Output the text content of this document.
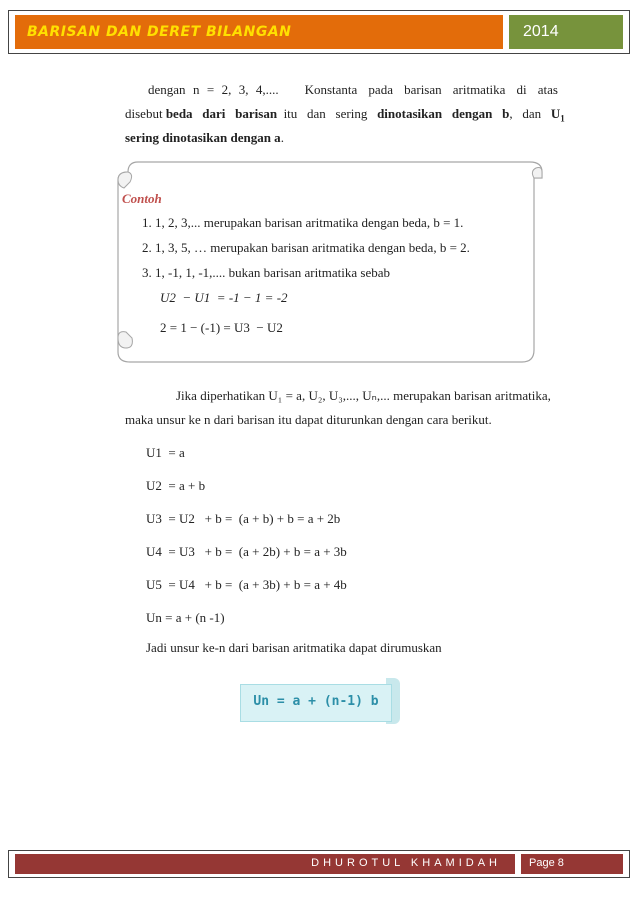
BARISAN DAN DERET BILANGAN	2014
dengan  n  =  2,  3,  4,....       Konstanta   pada   barisan   aritmatika   di   atas
disebut beda   dari   barisan  itu   dan   sering   dinotasikan   dengan   b,   dan   $U_1$
sering dinotasikan dengan a.
Contoh
1. 1, 2, 3,... merupakan barisan aritmatika dengan beda, b = 1.
2. 1, 3, 5, … merupakan barisan aritmatika dengan beda, b = 2.
3. 1, -1, 1, -1,.... bukan barisan aritmatika sebab
U2  − U1  = -1 − 1 = -2
2 = 1 − (-1) = U3  − U2
Jika diperhatikan U₁ = a, U₂, U₃,..., Uₙ,... merupakan barisan aritmatika,
maka unsur ke n dari barisan itu dapat diturunkan dengan cara berikut.
U1  = a
U2  = a + b
U3  = U2   + b =  (a + b) + b = a + 2b
U4  = U3   + b =  (a + 2b) + b = a + 3b
U5  = U4   + b =  (a + 3b) + b = a + 4b
Un = a + (n -1)
Jadi unsur ke-n dari barisan aritmatika dapat dirumuskan
Un = a + (n-1) b
DHUROTUL KHAMIDAH	Page 8
